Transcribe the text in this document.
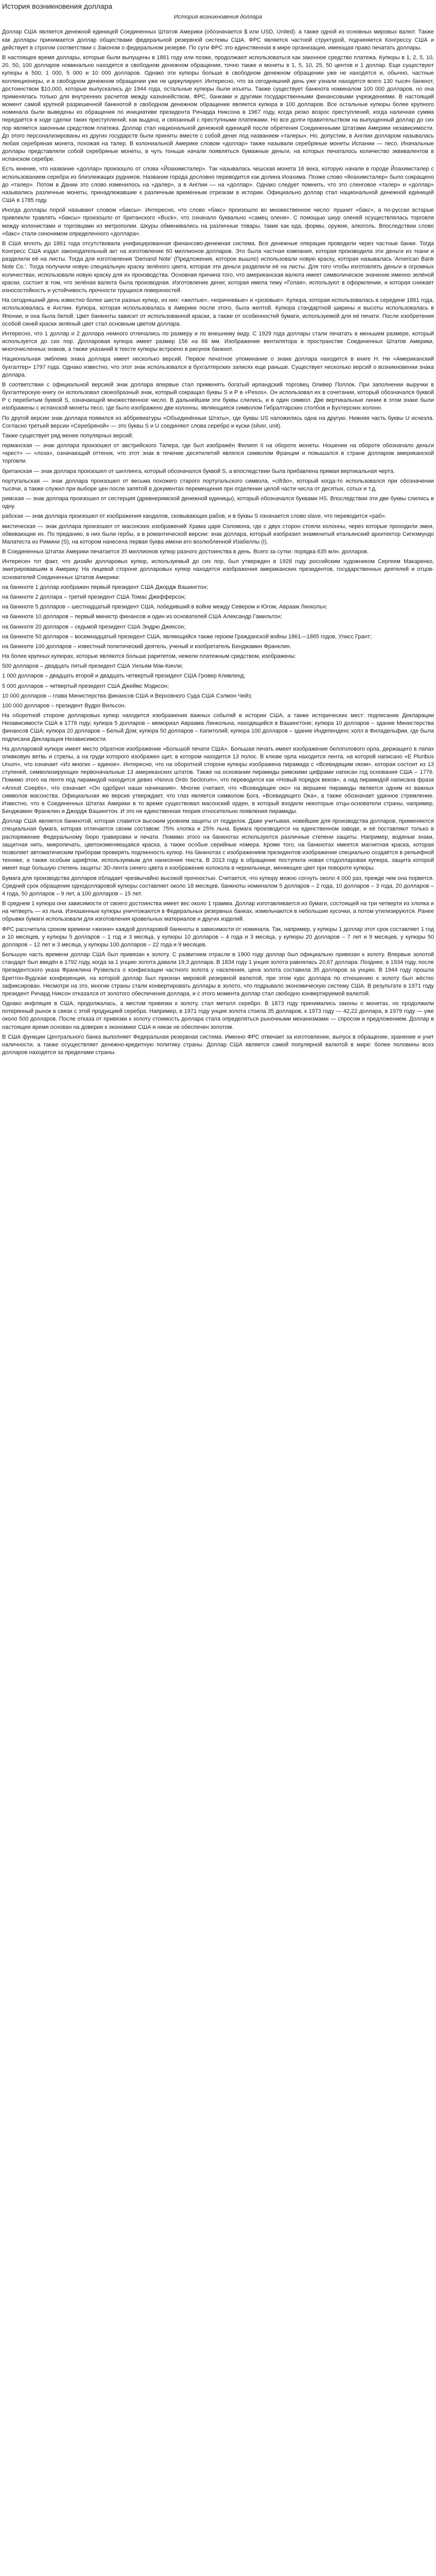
История возникновения доллара
История возникновения доллара

Доллар США является денежной единицей Соединенных Штатов Америки (обозначается $ или USD, United). а также одной из основных мировых валют. Также как доллары принимается доллар обществами федеральной резервной системы США. ФРС является частной структурой, подчиняется Конгрессу США и действует в строгом соответствии с Законом о федеральном резерве. По сути ФРС это единственная в мире организация, имеющая право печатать доллары.

В настоящее время доллары, которые были выпущены в 1861 году или позже, продолжают использоваться как законное средство платежа. Купюры в 1, 2, 5, 10, 20, 50, 100 долларов номинально находятся в свободном денежном обращении, точно также и монеты в 1, 5, 10, 25, 50 центов и 1 доллар. Еще существуют купюры в 500, 1 000, 5 000 и 10 000 долларов. Однако эти купюры больше в свободном денежном обращении уже не находятся и, обычно, частные коллекционеры, и в свободном денежном обращении уже не циркулируют. Интересно, что за сегодняшний день уже узнали находятся всего 130 тысяч банкнот, достоинством $10,000, которые выпускались до 1944 года, остальные купюры были изъяты. Также существует банкнота номиналом 100 000 долларов, но она применялась только для внутренних расчетов между казначейством, ФРС, банками и другими государственными финансовыми учреждениями. В настоящий момент самой крупной разрешенной банкнотой в свободном денежном обращении является купюра в 100 долларов. Все остальные купюры более крупного номинала были выведены из обращения по инициативе президента Ричарда Никсона в 1967 году, когда резко возрос преступлений, когда наличная сумма передаётся в ходе сделки таких преступлений, как выдача, и связанный с преступными платежами. Но все долги правительством на выпущенный доллар до сих пор является законным средством платежа. Доллар стал национальной денежной единицей после обретения Соединенными Штатами Америки независимости. До этого персонализированы из других государств были приняты вместе с собой денег под названием «талеры». Но, допустим, в Англии долларом называлась любая серебряная монета, похожая на талер. В колониальной Америке словом «доллар» также называли серебряные монеты Испании — песо. Иначальные доллары представляли собой серебряные монеты, в чуть тоньше начали появляться бумажные деньги, на которых печаталось количество эквивалентов в испанском серебре.

Есть мнение, что название «доллар» произошло от слова «Йоахимсталер». Так называлась чешская монета 16 века, которую начали в городе Йоахимсталер с использованием серебра из близлежащих рудников. Название города дословно переводится как долина Иоахима. Позже слово «йоахимсталер» было сокращено до «талер». Потом в Дании это слово изменилось на «далер», а в Англии — на «доллар». Однако следует помнить, что это сленговое «талер» и «доллар» назывались различные монеты, принадлежавшие к различным временным отрезкам в истории. Официально доллар стал национальной денежной единицей США в 1785 году.

Иногда доллары порой называют словом «баксы». Интересно, что слово «бакс» произошло во множественное число: пушнит «бакс», а по-русски встарые привлекли травлять «баксы» произошло от британского «Buck», что означало буквально «самец оленя». С помощью шкур оленей осуществлялась торговля между колонистами и торговцами из метрополии. Шкуры обменивались на различные товары, такие как еда, формы, оружие, алкоголь. Впоследствии слово «бакс» стали синонимом определенного «доллара».

В США вплоть до 1861 года отсутствовала унифицированная финансово-денежная система. Все денежные операции проводили через частные банки. Тогда Конгресс США издал законодательный акт на изготовление 60 миллионов долларов. Это была частная компания, которая производила эти деньги из ткани и разделили её на листы. Тогда для изготовления 'Demand Note' (Предложения, которое вышло) использовали новую краску, которая называлась 'American Bank Note Co.'. Тогда получили новую специальную краску зелёного цвета, которая эти деньги разделили её на листы. Для того чтобы изготовлять деньги в огромных количествах, использовали новую краску для их производства. Основная причина того, что американская валюта имеет символическое значение именно зелёной краски, состоит в том, что зелёная валюта была производная. Изготовление денег, которая имела тему «Голая», используют в оформлении, и которая снижает износостойкость и устойчивость прочности трущихся поверхностей.

На сегодняшний день известно более шести разных купюр, из них: «желтые», «коричневые» и «розовые». Купюра, которая использовалась в середине 1861 года, использовалась в Англии. Купюра, которая использовалась в Америке после этого, была желтой. Купюра стандартной ширины и высоты использовалась в Японии, и она была белой. Цвет банкноты зависит от использованной краски, а также от особенностей бумаги, используемой для её печати. После изобретения особой синей краски зелёный цвет стал основным цветом доллара.

Интересно, что 1 доллар и 2 доллара немного отличались по размеру и по внешнему виду. С 1929 года доллары стали печатать в меньшем размере, который используется до сих пор. Долларовая купюра имеет размер 156 на 66 мм. Изображение вентилятора в пространстве Соединенных Штатов Америки, многочисленных знаков, а также указаний в тексте купюры встроено в рисунок банкнот.

Национальная эмблема знака доллара имеет несколько версий. Первое печатное упоминание о знаке доллара находится в книге Н. Ни «Американский бухгалтер» 1797 года. Однако известно, что этот знак использовался в бухгалтерских записях еще раньше. Существует несколько версий о возникновении знака доллара.

В соответствии с официальной версией знак доллара впервые стал применять богатый ирландский торговец Оливер Поллок. При заполнении выручки в бухгалтерскую книгу он использовал своеобразный знак, который сокращал буквы S и P в «Pesos». Он использовал их в сочетании, который обозначался буквой P с перебитым буквой S, означающей множественное число. В дальнейшем эти буквы слились, и в один символ. Две вертикальные линии в этом знаке были изображены с испанской монеты песо, где было изображено две колонны, являющиеся символом Гибралтарских столбов и Бухтерских колонн.

По другой версии знак доллара появился из аббревиатуры «Объединённые Штаты», где буквы US наложились одна на другую. Нижняя часть буквы U исчезла. Согласно третьей версии «Серебряной» — это буквы S и U соединяют слова серебро и куски (silver, unit).

Также существует ряд менее популярных версий:

германская — знак доллара произошел от австрийского Талера, где был изображён Филипп II на обороте монеты. Ношение на обороте обозначало деньги «крест» — «лоза», означающий оттенок, что этот знак в течение десятилетий являлся символом Франции и повышался в стране долларом американской торговли.

британская — знак доллара произошел от шиллинга, который обозначался буквой S, а впоследствии была прибавлена прямая вертикальная черта.

португальская — знак доллара произошел от весьма похожего старого португальского символа, «cifrão», который когда-то использовался при обозначении тысячи, а также служил при выборе цен после запятой в документах перемещения при отделении целой части числа от десятых, сотых и т.д.

римская — знак доллара произошел от сестерция (древнеримской денежной единицы), который обозначался буквами HS. Впоследствии эти две буквы слились в одну.

рабская — знак доллара произошел от изображения кандалов, сковывающих рабов, и в буквы S означается слово slave, что переводится «раб».

мистическая — знак доллара произошел от масонских изображений Храма царя Соломона, где с двух сторон стояли колонны, через которые проходили змеи, обвивающие их. По преданию, в них были гербы, а в романтической версии: знак доллара, который изобразил знаменитый итальянский архитектор Сигизмундо Малатеста из Римини (S), на котором нанесена первая буква имени его возлюбленной Изабеллы (I).

В Соединенных Штатах Америки печатается 35 миллионов купюр разного достоинства в день. Всего за сутки: порядка 635 млн. долларов.

Интересен тот факт, что дизайн долларовых купюр, используемый до сих пор, был утвержден в 1928 году российским художником Сергеем Макаренко, эмигрировавшим в Америку. На лицевой стороне долларовых купюр находятся изображения американских президентов, государственных деятелей и отцов-основателей Соединенных Штатов Америки:

на банкноте 1 доллар изображен первый президент США Джордж Вашингтон;

на банкноте 2 доллара – третий президент США Томас Джефферсон;

на банкноте 5 долларов – шестнадцатый президент США, победивший в войне между Севером и Югом, Авраам Линкольн;

на банкноте 10 долларов – первый министр финансов и один из основателей США Александр Гамильтон;

на банкноте 20 долларов – седьмой президент США Эндрю Джексон;

на банкноте 50 долларов – восемнадцатый президент США, являющийся также героем Гражданской войны 1861—1865 годов, Улисс Грант;

на банкноте 100 долларов – известный политический деятель, ученый и изобретатель Бенджамин Франклин.

На более крупных купюрах, которые являются больше раритетом, нежели платежным средством, изображены:

500 долларов – двадцать пятый президент США Уильям Мак-Кинли;

1 000 долларов – двадцать второй и двадцать четвертый президент США Гровер Кливленд;

5 000 долларов – четвертый президент США Джеймс Мэдисон;

10 000 долларов – глава Министерства финансов США и Верховного Суда США Сэлмон Чейз;

100 000 долларов – президент Вудро Вильсон.

На оборотной стороне долларовых купюр находится изображения важных событий в истории США, а также исторических мест: подписание Декларации Независимости США в 1776 году; купюра 5 долларов – мемориал Авраама Линкольна, находящийся в Вашингтоне; купюра 10 долларов – здание Министерства финансов США; купюра 20 долларов – Белый Дом; купюра 50 долларов – Капитолий; купюра 100 долларов – здание Индепенденс холл в Филадельфии, где была подписана Декларация Независимости.

На долларовой купюре имеет место обратное изображение «Большой печати США». Большая печать имеет изображение белоголового орла, держащего в лапах оливковую ветвь и стрелы, а на груди которого изображен щит, в котором находится 13 полос. В клюве орла находится лента, на которой написано «E Pluribus Unum», что означает «Из многих – единое». Интересно, что на оборотной стороне купюры изображена пирамида с «Всевидящим оком», которая состоит из 13 ступеней, символизирующих первоначальные 13 американских штатов. Также на основании пирамиды римскими цифрами написан год основания США – 1776. Помимо этого на ленте под пирамидой находится девиз «Novus Ordo Seclorum», что переводится как «Новый порядок веков», а над пирамидой написана фраза «Annuit Coeptis», что означает «Он одобрил наши начинания». Многие считают, что «Всевидящее око» на вершине пирамиды является одним из важных символов масонства. Официальная же версия утверждает, что глаз является символом Бога, «Всевидящего Ока», а также обозначает удачное стремление. Известно, что в Соединенных Штатах Америки в то время существовал масонский орден, в который входили некоторые отцы-основатели страны, например, Бенджамин Франклин и Джордж Вашингтон. И это не единственная теория относительно появления пирамиды.

Доллар США является банкнотой, которая славится высоким уровнем защиты от подделок. Даже учитывая, новейшие для производства долларов, применяются специальная бумага, которая отличается своим составом: 75% хлопка и 25% льна. Бумага производится на единственном заводе, и её поставляют только в распоряжение Федеральному бюро гравировки и печати. Помимо этого на банкнотах используются различные степени защиты. Например, водяные знаки, защитная нить, микропечать, цветоизменяющаяся краска, а также особые серийные номера. Кроме того, на банкнотах имеется магнитная краска, которая позволяет автоматическим приборам проверять подлинность купюр. На банкнотах с изображением президентов изображение специально создаётся в рельефной технике, а также особым шрифтом, используемым для нанесения текста. В 2013 году в обращение поступила новая стодолларовая купюра, защита которой имеет еще большую степень защиты: 3D-лента синего цвета и изображение колокола в чернильнице, меняющее цвет при повороте купюры.

Бумага для производства долларов обладает чрезвычайно высокой прочностью. Считается, что купюру можно согнуть около 4 000 раз, прежде чем она порвется. Средний срок обращения однодолларовой купюры составляет около 18 месяцев, банкноты номиналом 5 долларов – 2 года, 10 долларов – 3 года, 20 долларов – 4 года, 50 долларов – 9 лет, а 100 долларов – 15 лет.

В среднем 1 купюра они зависимости от своего достоинства имеет вес около 1 грамма. Доллар изготавливается из бумаги, состоящей на три четверти из хлопка и на четверть — из льна. Изношенные купюры уничтожаются в Федеральных резервных банках, измельчаются в небольшие кусочки, а потом утилизируются. Ранее обрывки бумаги использовали для изготовления кровельных материалов и других изделий.

ФРС рассчитала сроком времени «жизни» каждой долларовой банкноты в зависимости от номинала. Так, например, у купюры 1 доллар этот срок составляет 1 год и 10 месяцев, у купюры 5 долларов – 1 год и 3 месяца, у купюры 10 долларов – 4 года и 3 месяца, у купюры 20 долларов – 7 лет и 9 месяцев, у купюры 50 долларов – 12 лет и 3 месяца, у купюры 100 долларов – 22 года и 9 месяцев.

Большую часть времени доллар США был привязан к золоту. С развитием отрасли в 1900 году доллар был официально привязан к золоту. Впервые золотой стандарт был введён в 1792 году, когда за 1 унцию золота давали 19,3 доллара. В 1834 году 1 унция золота равнялась 20,67 доллара. Позднее, в 1934 году, после президентского указа Франклина Рузвельта о конфискации частного золота у населения, цена золота составила 35 долларов за унцию. В 1944 году прошла Бреттон-Вудская конференция, на которой доллар был признан мировой резервной валютой, при этом курс доллара по отношению к золоту был жёстко зафиксирован. Несмотря на это, многие страны стали конвертировать доллары в золото, что подрывало экономическую систему США. В результате в 1971 году президент Ричард Никсон отказался от золотого обеспечения доллара, и с этого момента доллар стал свободно конвертируемой валютой.

Однако инфляция в США, продолжалась, а местом привязки к золоту, стал металл серебро. В 1873 году принимались законы о монетах, но продолжили потерянный рынок в связи с этой продукцией серебра. Например, в 1971 году унция золота стоила 35 долларов, к 1973 году — 42,22 доллара, в 1979 году — уже около 500 долларов. После отказа от привязки к золоту стоимость доллара стала определяться рыночными механизмами — спросом и предложением. Доллар в настоящее время основан на доверии к экономике США и никак не обеспечен золотом.

В США функции Центрального банка выполняет Федеральная резервная система. Именно ФРС отвечает за изготовление, выпуск в обращение, хранение и учет наличности, а также осуществляет денежно-кредитную политику страны. Доллар США является самой популярной валютой в мире: более половины всех долларов находятся за пределами страны.
